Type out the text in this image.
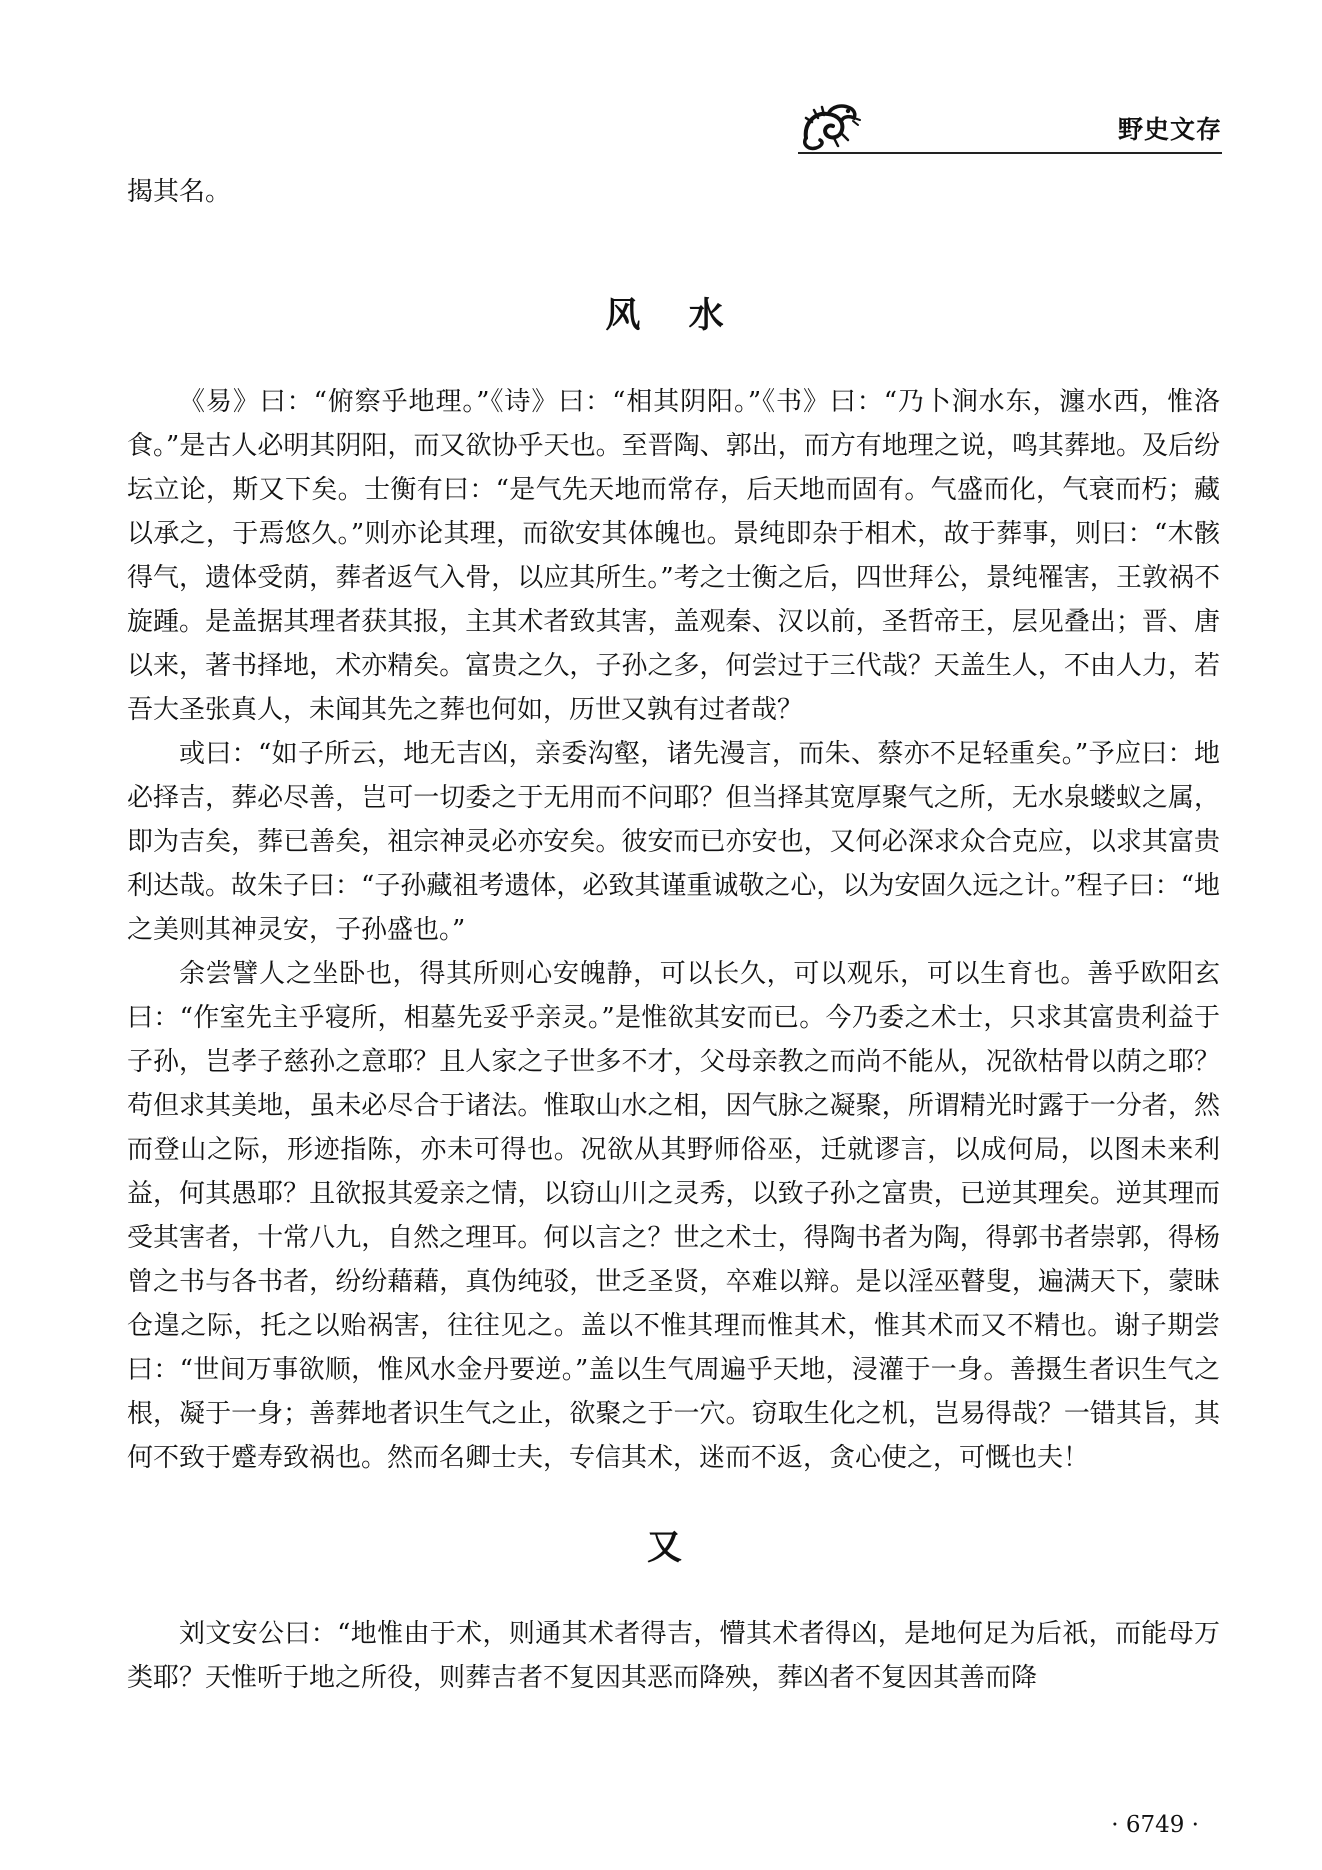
野史文存

揭其名。

风 水

《易》曰：“俯察乎地理。”《诗》曰：“相其阴阳。”《书》曰：“乃卜涧水东，瀍水西，惟洛食。”是古人必明其阴阳，而又欲协乎天也。至晋陶、郭出，而方有地理之说，鸣其葬地。及后纷坛立论，斯又下矣。士衡有曰：“是气先天地而常存，后天地而固有。气盛而化，气衰而朽；藏以承之，于焉悠久。”则亦论其理，而欲安其体魄也。景纯即杂于相术，故于葬事，则曰：“木骸得气，遗体受荫，葬者返气入骨，以应其所生。”考之士衡之后，四世拜公，景纯罹害，王敦祸不旋踵。是盖据其理者获其报，主其术者致其害，盖观秦、汉以前，圣哲帝王，层见叠出；晋、唐以来，著书择地，术亦精矣。富贵之久，子孙之多，何尝过于三代哉？天盖生人，不由人力，若吾大圣张真人，未闻其先之葬也何如，历世又孰有过者哉？

或曰：“如子所云，地无吉凶，亲委沟壑，诸先漫言，而朱、蔡亦不足轻重矣。”予应曰：地必择吉，葬必尽善，岂可一切委之于无用而不问耶？但当择其宽厚聚气之所，无水泉蝼蚁之属，即为吉矣，葬已善矣，祖宗神灵必亦安矣。彼安而已亦安也，又何必深求众合克应，以求其富贵利达哉。故朱子曰：“子孙藏祖考遗体，必致其谨重诚敬之心，以为安固久远之计。”程子曰：“地之美则其神灵安，子孙盛也。”

余尝譬人之坐卧也，得其所则心安魄静，可以长久，可以观乐，可以生育也。善乎欧阳玄曰：“作室先主乎寝所，相墓先妥乎亲灵。”是惟欲其安而已。今乃委之术士，只求其富贵利益于子孙，岂孝子慈孙之意耶？且人家之子世多不才，父母亲教之而尚不能从，况欲枯骨以荫之耶？苟但求其美地，虽未必尽合于诸法。惟取山水之相，因气脉之凝聚，所谓精光时露于一分者，然而登山之际，形迹指陈，亦未可得也。况欲从其野师俗巫，迁就谬言，以成何局，以图未来利益，何其愚耶？且欲报其爱亲之情，以窃山川之灵秀，以致子孙之富贵，已逆其理矣。逆其理而受其害者，十常八九，自然之理耳。何以言之？世之术士，得陶书者为陶，得郭书者崇郭，得杨曾之书与各书者，纷纷藉藉，真伪纯驳，世乏圣贤，卒难以辩。是以淫巫瞽叟，遍满天下，蒙昧仓遑之际，托之以贻祸害，往往见之。盖以不惟其理而惟其术，惟其术而又不精也。谢子期尝曰：“世间万事欲顺，惟风水金丹要逆。”盖以生气周遍乎天地，浸灌于一身。善摄生者识生气之根，凝于一身；善葬地者识生气之止，欲聚之于一穴。窃取生化之机，岂易得哉？一错其旨，其何不致于蹙寿致祸也。然而名卿士夫，专信其术，迷而不返，贪心使之，可慨也夫！

又

刘文安公曰：“地惟由于术，则通其术者得吉，懵其术者得凶，是地何足为后祇，而能母万类耶？天惟听于地之所役，则葬吉者不复因其恶而降殃，葬凶者不复因其善而降

· 6749 ·
